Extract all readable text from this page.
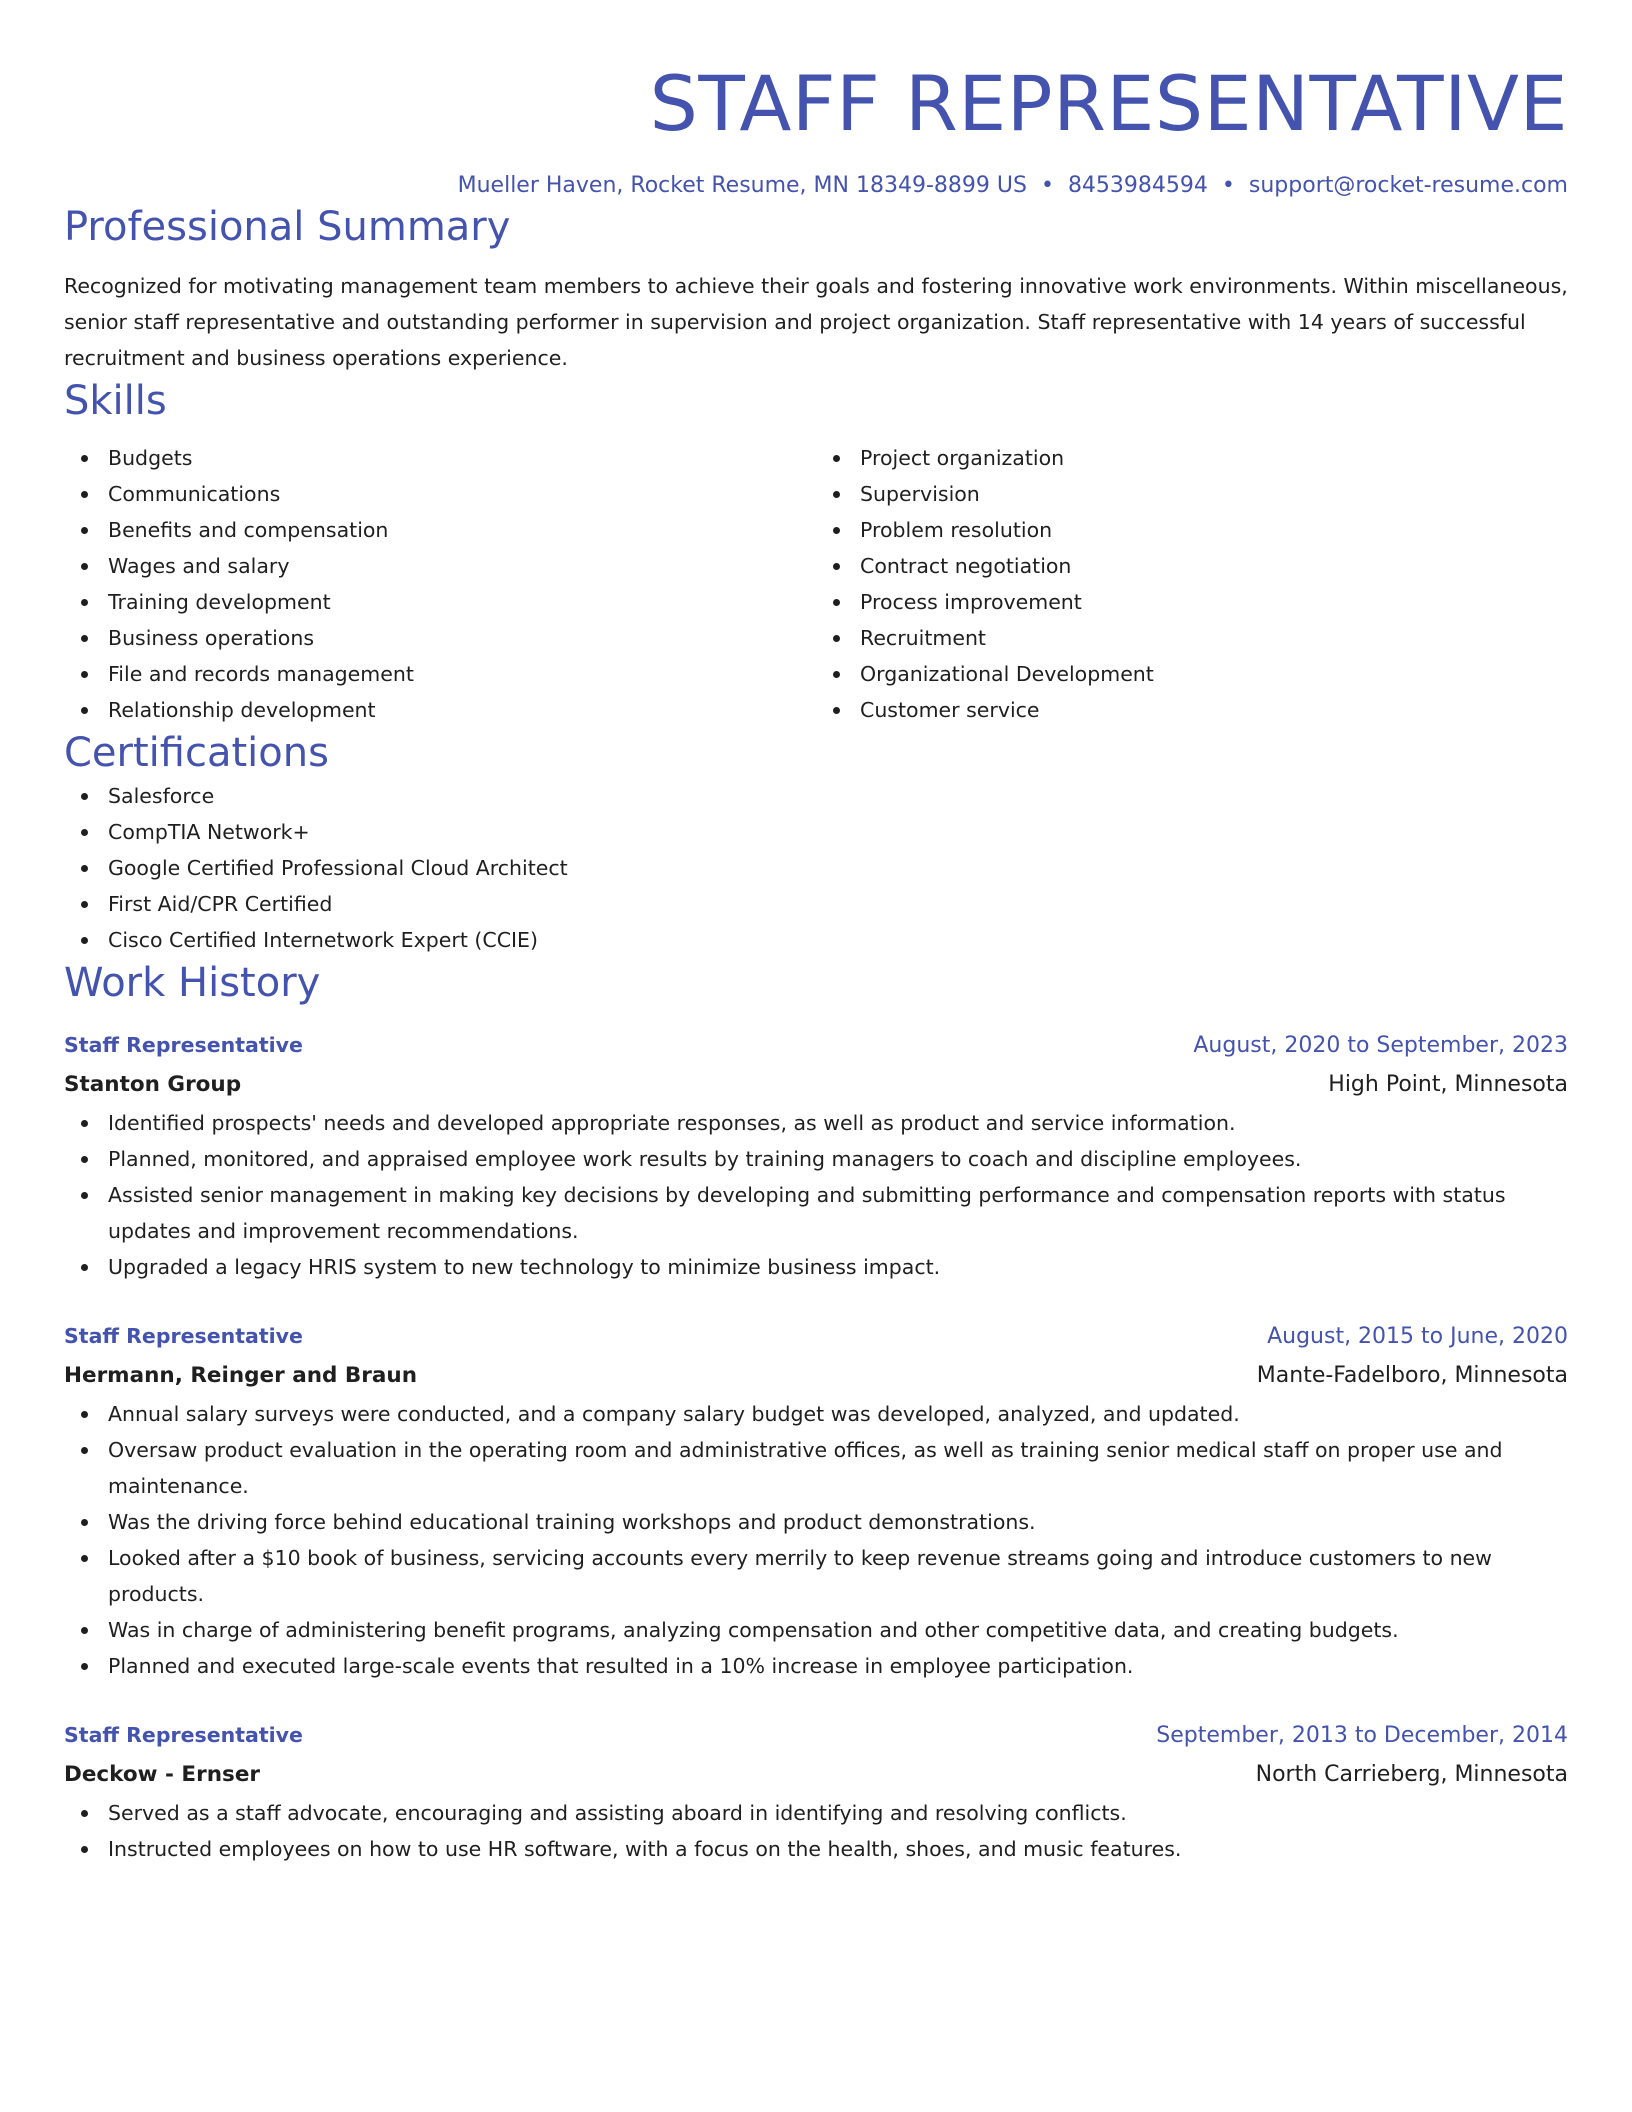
STAFF REPRESENTATIVE
Mueller Haven, Rocket Resume, MN 18349-8899 US • 8453984594 • support@rocket-resume.com
Professional Summary

Recognized for motivating management team members to achieve their goals and fostering innovative work environments. Within miscellaneous, senior staff representative and outstanding performer in supervision and project organization. Staff representative with 14 years of successful recruitment and business operations experience.

Skills
Budgets
Communications
Benefits and compensation
Wages and salary
Training development
Business operations
File and records management
Relationship development
Project organization
Supervision
Problem resolution
Contract negotiation
Process improvement
Recruitment
Organizational Development
Customer service
Certifications
Salesforce
CompTIA Network+
Google Certified Professional Cloud Architect
First Aid/CPR Certified
Cisco Certified Internetwork Expert (CCIE)
Work History
Staff Representative	August, 2020 to September, 2023
Stanton Group	High Point, Minnesota
Identified prospects' needs and developed appropriate responses, as well as product and service information.
Planned, monitored, and appraised employee work results by training managers to coach and discipline employees.
Assisted senior management in making key decisions by developing and submitting performance and compensation reports with status updates and improvement recommendations.
Upgraded a legacy HRIS system to new technology to minimize business impact.
Staff Representative	August, 2015 to June, 2020
Hermann, Reinger and Braun	Mante-Fadelboro, Minnesota
Annual salary surveys were conducted, and a company salary budget was developed, analyzed, and updated.
Oversaw product evaluation in the operating room and administrative offices, as well as training senior medical staff on proper use and maintenance.
Was the driving force behind educational training workshops and product demonstrations.
Looked after a $10 book of business, servicing accounts every merrily to keep revenue streams going and introduce customers to new products.
Was in charge of administering benefit programs, analyzing compensation and other competitive data, and creating budgets.
Planned and executed large-scale events that resulted in a 10% increase in employee participation.
Staff Representative	September, 2013 to December, 2014
Deckow - Ernser	North Carrieberg, Minnesota
Served as a staff advocate, encouraging and assisting aboard in identifying and resolving conflicts.
Instructed employees on how to use HR software, with a focus on the health, shoes, and music features.
